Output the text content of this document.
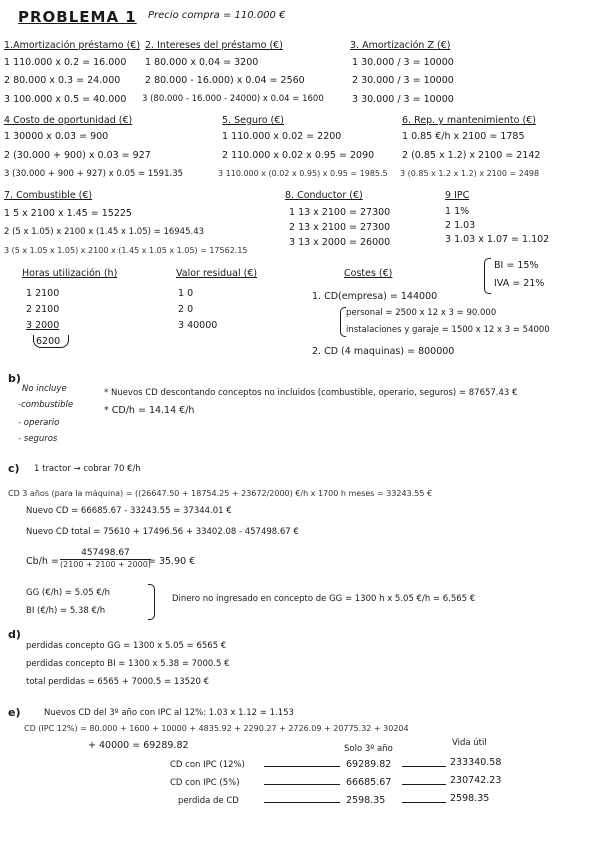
PROBLEMA 1 Precio compra = 110.000 €
1.Amortización préstamo (€)
1 110.000 x 0.2 = 16.000
2 80.000 x 0.3 = 24.000
3 100.000 x 0.5 = 40.000
2. Intereses del préstamo (€)
1 80.000 x 0.04 = 3200
2 80.000 - 16.000) x 0.04 = 2560
3 (80.000 - 16.000 - 24000) x 0.04 = 1600
3. Amortización Z (€)
1 30.000 / 3 = 10000
2 30.000 / 3 = 10000
3 30.000 / 3 = 10000
4 Costo de oportunidad (€)
1 30000 x 0.03 = 900
2 (30.000 + 900) x 0.03 = 927
3 (30.000 + 900 + 927) x 0.05 = 1591.35
5. Seguro (€)
1 110.000 x 0.02 = 2200
2 110.000 x 0.02 x 0.95 = 2090
3 110.000 x (0.02 x 0.95) x 0.95 = 1985.5
6. Rep. y mantenimiento (€)
1 0.85 €/h x 2100 = 1785
2 (0.85 x 1.2) x 2100 = 2142
3 (0.85 x 1.2 x 1.2) x 2100 = 2498
7. Combustible (€)
1 5 x 2100 x 1.45 = 15225
2 (5 x 1.05) x 2100 x (1.45 x 1.05) = 16945.43
3 (5 x 1.05 x 1.05) x 2100 x (1.45 x 1.05 x 1.05) = 17562.15
8. Conductor (€)
1 13 x 2100 = 27300
2 13 x 2100 = 27300
3 13 x 2000 = 26000
9 IPC
1 1%
2 1.03
3 1.03 x 1.07 = 1.102
Horas utilización (h)
1 2100
2 2100
3 2000
6200
Valor residual (€)
1 0
2 0
3 40000
Costes (€)
1. CD(empresa) = 144000
personal = 2500 x 12 x 3 = 90.000
instalaciones y garaje = 1500 x 12 x 3 = 54000
2. CD (4 maquinas) = 800000
BI = 15%
IVA = 21%
b)
No incluye
-combustible
- operario
- seguros
* Nuevos CD descontando conceptos no incluidos (combustible, operario, seguros) = 87657.43 €
* CD/h = 14.14 €/h
c) 1 tractor → cobrar 70 €/h
CD 3 años (para la máquina) = ((26647.50 + 18754.25 + 23672/2000) €/h x 1700 h meses = 33243.55 €
Nuevo CD = 66685.67 - 33243.55 = 37344.01 €
Nuevo CD total = 75610 + 17496.56 + 33402.08 - 457498.67 €
Cb/h =
457498.67
(2100 + 2100 + 2000)
= 35.90 €
GG (€/h) = 5.05 €/h
BI (€/h) = 5.38 €/h
Dinero no ingresado en concepto de GG = 1300 h x 5.05 €/h = 6.565 €
d)
perdidas concepto GG = 1300 x 5.05 = 6565 €
perdidas concepto BI = 1300 x 5.38 = 7000.5 €
total perdidas = 6565 + 7000.5 = 13520 €
e)	Nuevos CD del 3º año con IPC al 12%: 1.03 x 1.12 = 1.153
CD (IPC 12%) = 80.000 + 1600 + 10000 + 4835.92 + 2290.27 + 2726.09 + 20775.32 + 30204
+ 40000 = 69289.82	Solo 3º año
Vida útil
CD con IPC (12%)	69289.82	233340.58
CD con IPC (5%)	66685.67	230742.23
perdida de CD	2598.35	2598.35
